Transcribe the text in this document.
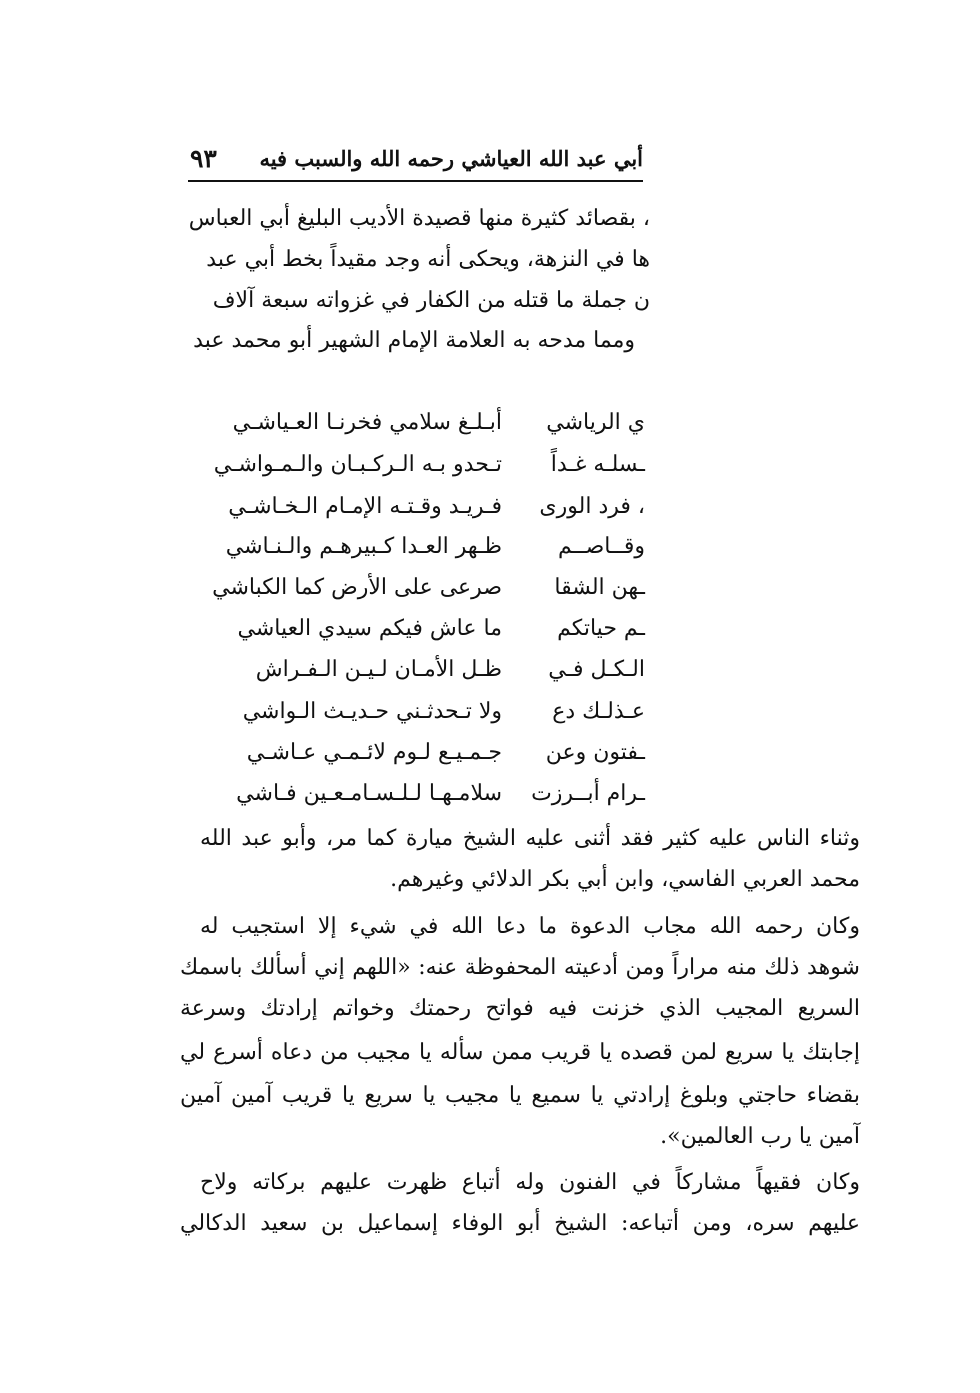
أبي عبد الله العياشي رحمه الله والسبب فيه
٩٣
، بقصائد كثيرة منها قصيدة الأديب البليغ أبي العباس
ها في النزهة، ويحكى أنه وجد مقيداً بخط أبي عبد
ن جملة ما قتله من الكفار في غزواته سبعة آلاف
ومما مدحه به العلامة الإمام الشهير أبو محمد عبد
ي الرياشي
أبـلـغ سلامي فخرنـا العـياشـي
ـسلـه غـداً
تـحدو بـه الـركـبـان والـمـواشـي
، فرد الورى
فـريـد وقـتـه الإمـام الـخـاشـي
وقــاصــم
ظـهر العـدا كـبيرهـم والـنـاشي
ـهن الشقا
صرعى على الأرض كما الكباشي
ـم حياتكم
ما عاش فيكم سيدي العياشي
الـكـل فـي
ظـل الأمـان لـيـن الـفـراش
عـذلـك دع
ولا تـحدثـني حـديـث الـواشي
ـفتون وعن
جـمـيـع لـوم لائـمـي عـاشـي
ـرام أبــرزت
سلامـهـا لـلـسـامـعـين فـاشي
وثناء الناس عليه كثير فقد أثنى عليه الشيخ ميارة كما مر، وأبو عبد الله
محمد العربي الفاسي، وابن أبي بكر الدلائي وغيرهم.
وكان رحمه الله مجاب الدعوة ما دعا الله في شيء إلا استجيب له
شوهد ذلك منه مراراً ومن أدعيته المحفوظة عنه: «اللهم إني أسألك باسمك
السريع المجيب الذي خزنت فيه فواتح رحمتك وخواتم إرادتك وسرعة
إجابتك يا سريع لمن قصده يا قريب ممن سأله يا مجيب من دعاه أسرع لي
بقضاء حاجتي وبلوغ إرادتي يا سميع يا مجيب يا سريع يا قريب آمين آمين
آمين يا رب العالمين».
وكان فقيهاً مشاركاً في الفنون وله أتباع ظهرت عليهم بركاته ولاح
عليهم سره، ومن أتباعه: الشيخ أبو الوفاء إسماعيل بن سعيد الدكالي
